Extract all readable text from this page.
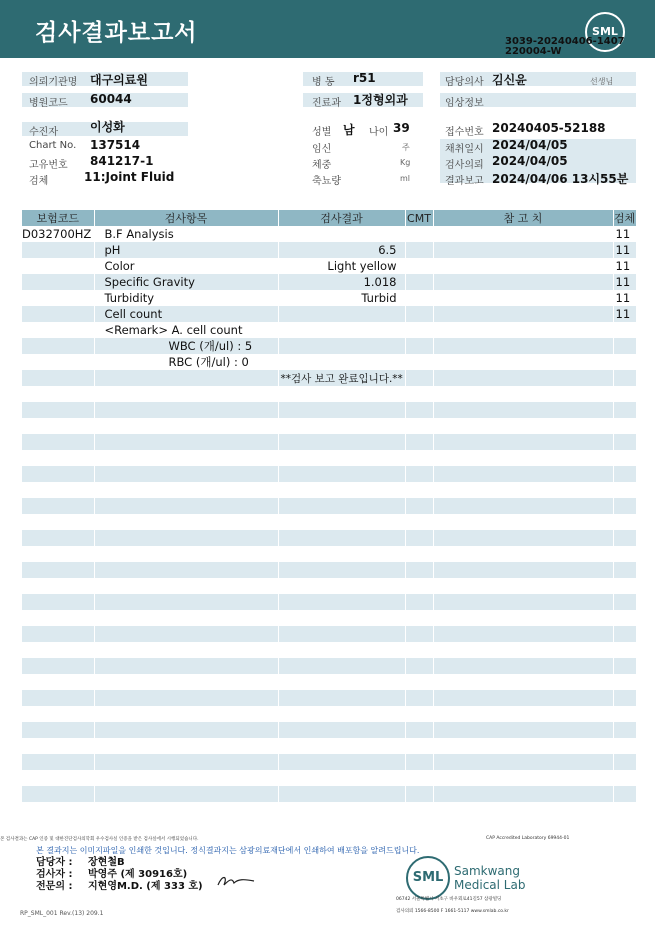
검사결과보고서	SML
3039-20240406-1407
220004-W
의뢰기관명 대구의료원
병원코드 60044
수진자	이성화
Chart No. 137514
고유번호 841217-1
검체	11:Joint Fluid
병 동 r51
진료과 1정형외과
성별 남 나이 39
임신	주
체중	Kg
축뇨량	ml
담당의사 김신윤	선생님
임상정보
접수번호 20240405-52188
채취일시 2024/04/05
검사의뢰 2024/04/05
결과보고 2024/04/06 13시55분
보험코드	검사항목	검사결과	CMT	참 고 치	검체
D032700HZ	B.F Analysis				11
	pH	6.5			11
	Color	Light yellow			11
	Specific Gravity	1.018			11
	Turbidity	Turbid			11
	Cell count				11
	<Remark> A. cell count				
	WBC (개/ul) : 5				
	RBC (개/ul) : 0				
		**검사 보고 완료입니다.**			

본 검사결과는 CAP 인증 및 대한진단검사의학회 우수검사실 인증을 받은 검사실에서 시행되었습니다.	CAP Accredited Laboratory 69944-01
본 결과지는 이미지파일을 인쇄한 것입니다. 정식결과지는 삼광의료재단에서 인쇄하여 배포함을 알려드립니다.
담당자 : 장현철B
검사자 : 박영주 (제 30916호)
전문의 : 지현영M.D. (제 333 호)
SML Samkwang
Medical Lab
06742 서울특별시 서초구 바우뫼로41길57 삼광빌딩
검사의뢰 1566-8500 F 1661-5117 www.smlab.co.kr
RP_SML_001 Rev.(13) 209.1
